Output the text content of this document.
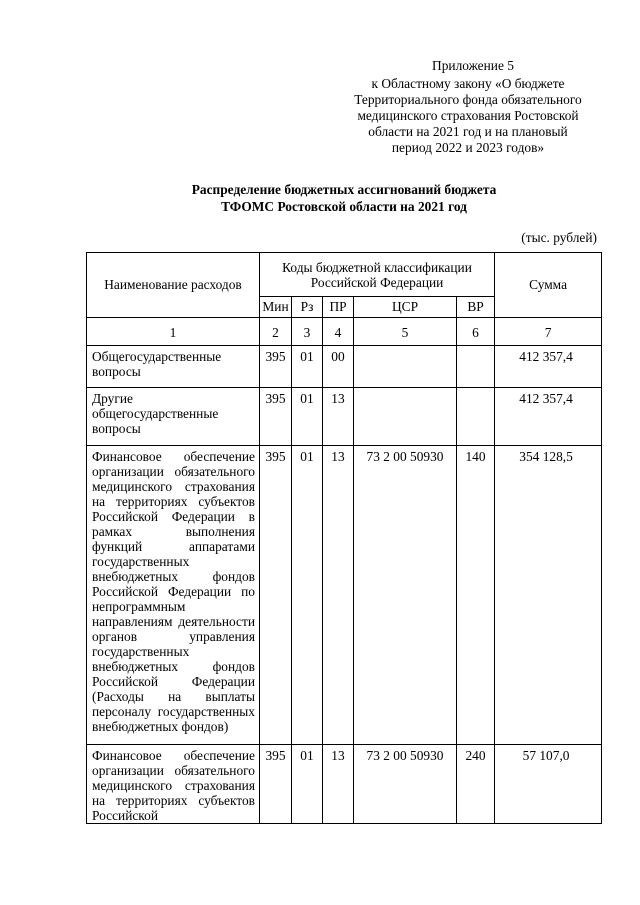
Приложение 5
к Областному закону «О бюджете
Территориального фонда обязательного
медицинского страхования Ростовской
области на 2021 год и на плановый
период 2022 и 2023 годов»
Распределение бюджетных ассигнований бюджета
ТФОМС Ростовской области на 2021 год
(тыс. рублей)
Наименование расходов	Коды бюджетной классификации Российской Федерации					Сумма
	Мин	Рз	ПР	ЦСР	ВР	
1	2	3	4	5	6	7
Общегосударственные вопросы	395	01	00			412 357,4
Другие общегосударственные вопросы	395	01	13			412 357,4
Финансовое обеспечение организации обязательного медицинского страхования на территориях субъектов Российской Федерации в рамках выполнения функций аппаратами государственных внебюджетных фондов Российской Федерации по непрограммным направлениям деятельности органов управления государственных внебюджетных фондов Российской Федерации (Расходы на выплаты персоналу государственных внебюджетных фондов)	395	01	13	73 2 00 50930	140	354 128,5
Финансовое обеспечение организации обязательного медицинского страхования на территориях субъектов Российской	395	01	13	73 2 00 50930	240	57 107,0
